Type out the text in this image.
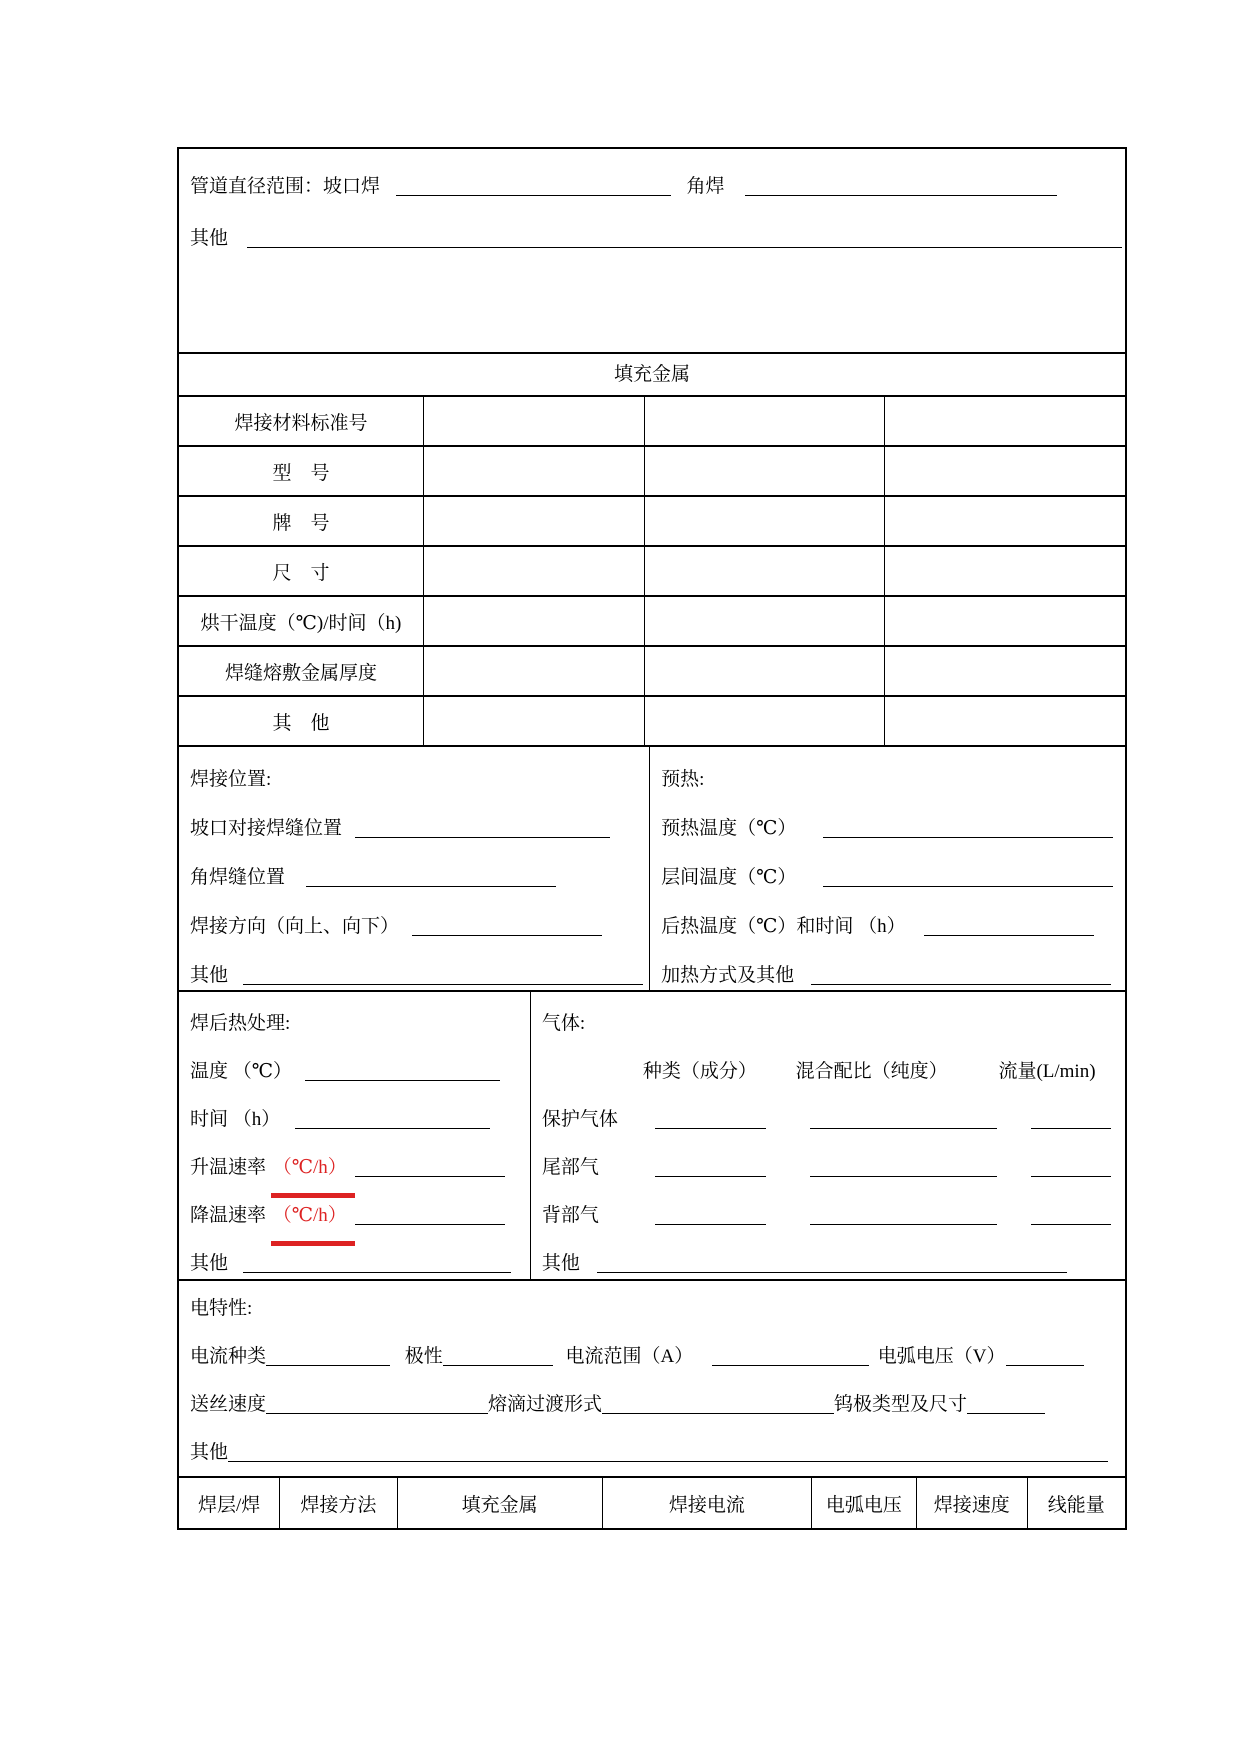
管道直径范围：坡口焊	角焊

其他

填充金属
焊接材料标准号
型　号
牌　号
尺　寸
烘干温度（℃)/时间（h)
焊缝熔敷金属厚度
其　他

焊接位置:

坡口对接焊缝位置

角焊缝位置

焊接方向（向上、向下）

其他

预热:

预热温度（℃）

层间温度（℃）

后热温度（℃）和时间 （h）

加热方式及其他

焊后热处理:

温度 （℃）

时间 （h）

升温速率 （℃/h）

降温速率 （℃/h）

其他

气体:

种类（成分） 混合配比（纯度）	流量(L/min)

保护气体

尾部气

背部气

其他

电特性:

电流种类	极性	电流范围（A）	电弧电压（V）

送丝速度	熔滴过渡形式	钨极类型及尺寸

其他

焊层/焊	焊接方法	填充金属	焊接电流	电弧电压	焊接速度	线能量
